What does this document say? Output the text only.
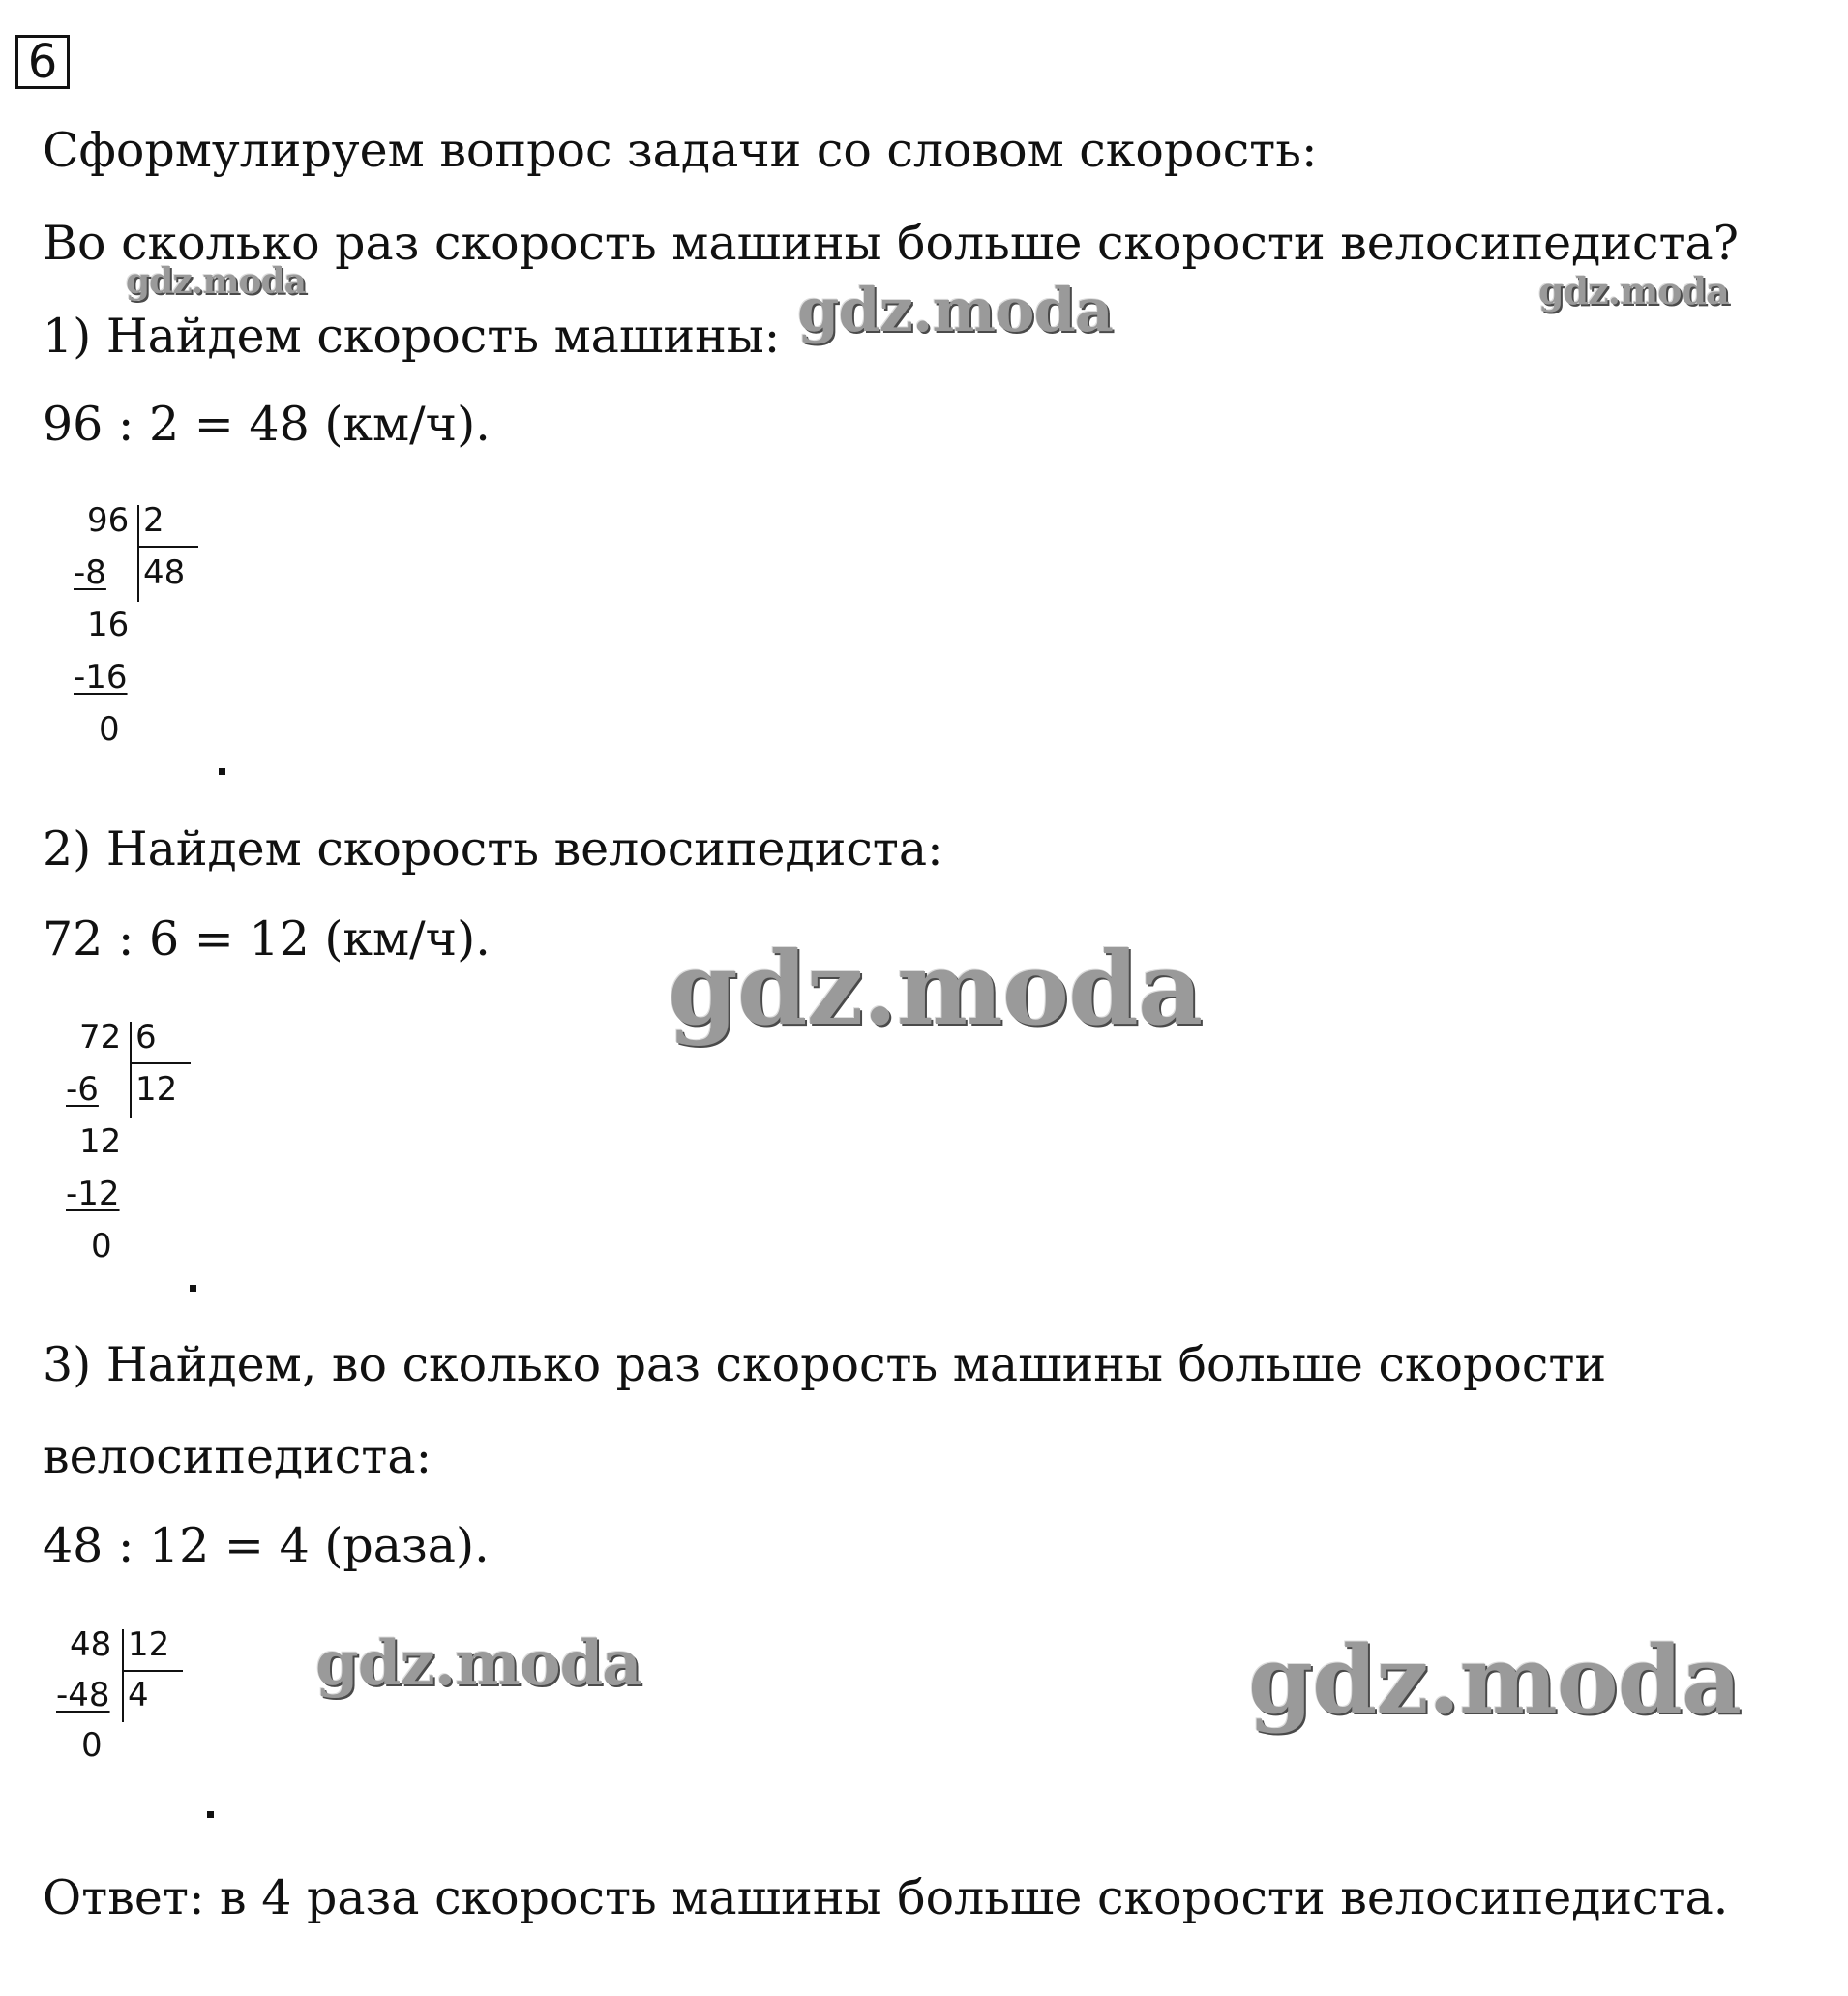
6
Сформулируем вопрос задачи со словом скорость:
Во сколько раз скорость машины больше скорости велосипедиста?
1) Найдем скорость машины:
96 : 2 = 48 (км/ч).
96 2
-8 48
16
-16
0
2) Найдем скорость велосипедиста:
72 : 6 = 12 (км/ч).
72 6
-6 12
12
-12
0
3) Найдем, во сколько раз скорость машины больше скорости
велосипедиста:
48 : 12 = 4 (раза).
48 12
-48 4
0
Ответ: в 4 раза скорость машины больше скорости велосипедиста.
gdz.moda	gdz.moda	gdz.moda
gdz.moda
gdz.moda	gdz.moda
